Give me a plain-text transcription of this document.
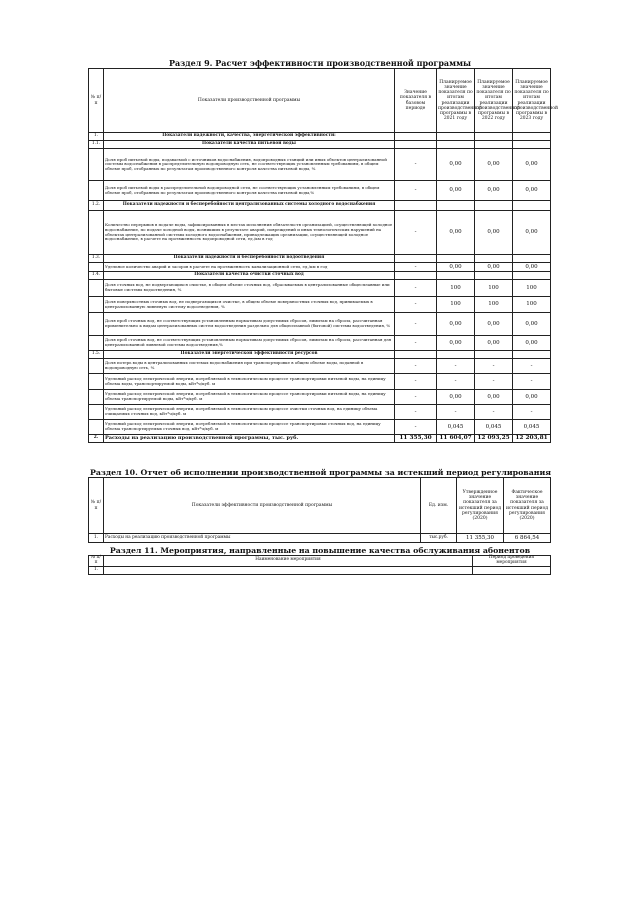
Раздел 9. Расчет эффективности производственной программы
№ п/п	Показатели производственной программы	Значение показателя в базовом периоде	Планируемое значение показателя по итогам реализации производственной программы в 2021 году	Планируемое значение показателя по итогам реализации производственной программы в 2022 году	Планируемое значение показателя по итогам реализации производственной программы в 2023 году
1.	Показатели надежности, качества, энергетической эффективности:				
1.1.	Показатели качества питьевой воды				
	Доля проб питьевой воды, подаваемой с источников водоснабжения, водопроводных станций или иных объектов централизованной системы водоснабжения в распределительную водопроводную сеть, не соответствующих установленным требованиям, в общем объеме проб, отобранных по результатам производственного контроля качества питьевой воды, %	-	0,00	0,00	0,00
	Доля проб питьевой воды в распределительной водопроводной сети, не соответствующих установленным требованиям, в общем объеме проб, отобранных по результатам производственного контроля качества питьевой воды,%	-	0,00	0,00	0,00
1.2.	Показатели надежности и бесперебойности централизованных системы холодного водоснабжения				
	Количество перерывов в подаче воды, зафиксированных в местах исполнения обязательств организацией, осуществляющей холодное водоснабжение, по подаче холодной воды, возникших в результате аварий, повреждений и иных технологических нарушений на объектах централизованной системы холодного водоснабжения, принадлежащих организации, осуществляющей холодное водоснабжение, в расчете на протяженность водопроводной сети, ед./км в год	-	0,00	0,00	0,00
1.3.	Показатели надежности и бесперебойности водоотведения				
	Удельное количество аварий и засоров в расчете на протяженность канализационной сети, ед./км в год	-	0,00	0,00	0,00
1.4.	Показатели качества очистки сточных вод				
	Доля сточных вод, не подвергающихся очистке, в общем объеме сточных вод, сбрасываемых в централизованные общесплавные или бытовые системы водоотведения, %	-	100	100	100
	Доля поверхностных сточных вод, не подвергающихся очистке, в общем объеме поверхностных сточных вод, принимаемых в централизованную ливневую систему водоотведения, %	-	100	100	100
	Доля проб сточных вод, не соответствующих установленным нормативам допустимых сбросов, лимитам на сбросы, рассчитанная применительно к видам централизованных систем водоотведения раздельно для общесплавной (бытовой) системы водоотведения, %	-	0,00	0,00	0,00
	Доля проб сточных вод, не соответствующих установленным нормативам допустимых сбросов, лимитам на сбросы, рассчитанная для централизованной ливневой системы водоотведения,%	-	0,00	0,00	0,00
1.5.	Показатели энергетической эффективности ресурсов				
	Доля потерь воды в централизованных системах водоснабжения при транспортировке в общем объеме воды, поданной в водопроводную сеть, %	-	-	-	-
	Удельный расход электрической энергии, потребляемой в технологическом процессе транспортировки питьевой воды, на единицу объема воды, транспортируемой воды, кВт*ч/куб. м	-	-	-	-
	Удельный расход электрической энергии, потребляемой в технологическом процессе транспортировки питьевой воды, на единицу объема транспортируемой воды, кВт*ч/куб. м	-	0,00	0,00	0,00
	Удельный расход электрической энергии, потребляемой в технологическом процессе очистки сточных вод, на единицу объема очищаемых сточных вод, кВт*ч/куб. м	-	-	-	-
	Удельный расход электрической энергии, потребляемой в технологическом процессе транспортировки сточных вод, на единицу объема транспортируемых сточных вод, кВт*ч/куб. м	-	0,045	0,045	0,045
2.	Расходы на реализацию производственной программы, тыс. руб.	11 355,30	11 604,07	12 093,25	12 203,81
Раздел 10. Отчет об исполнении производственной программы за истекший период регулирования
№ п/п	Показатели эффективности производственной программы	Ед. изм.	Утвержденное значение показателя за истекший период регулирования (2020)	Фактическое значение показателя за истекший период регулирования (2020)
1.	Расходы на реализацию производственной программы	тыс.руб.	11 355,30	6 864,54
Раздел 11. Мероприятия, направленные на повышение качества обслуживания абонентов
№ п/п	Наименование мероприятия	Период проведения мероприятия
1.		
